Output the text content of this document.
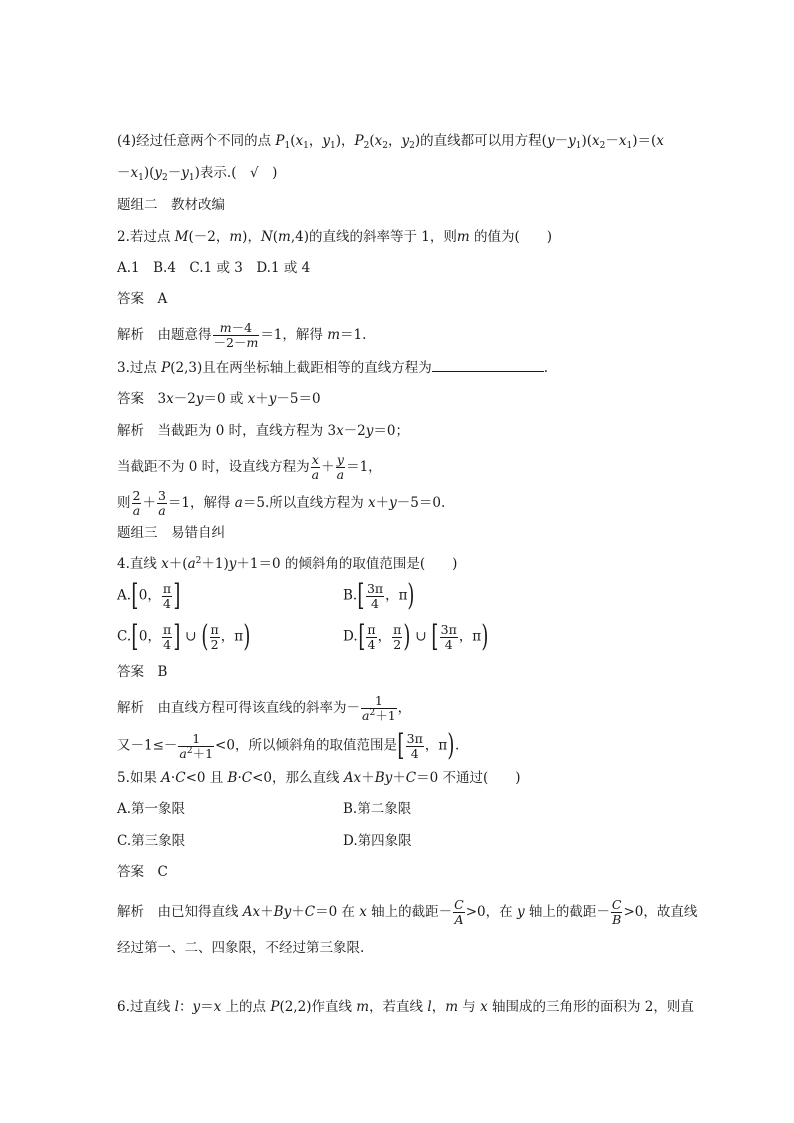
(4)经过任意两个不同的点 $P_1(x_1$，$y_1$)，$P_2(x_2$，$y_2$)的直线都可以用方程$(y-y_1)(x_2-x_1)=(x$
$-x_1)(y_2-y_1)$表示.(　√　)
题组二　教材改编
2.若过点 M(－2，m)，N(m,4)的直线的斜率等于 1，则m 的值为(　　)
A.1　B.4　C.1 或 3　D.1 或 4
答案　A
解析　由题意得 $\frac{m-4}{-2-m} =1$，解得 m＝1.
3.过点 P(2,3)且在两坐标轴上截距相等的直线方程为	.
答案　3x－2y＝0 或 x＋y－5＝0
解析　当截距为 0 时，直线方程为 3x－2y＝0；
当截距不为 0 时，设直线方程为 $\frac{x}{a} + \frac{y}{a} =1$，
则 $\frac{2}{a} + \frac{3}{a} =1$，解得 a＝5.所以直线方程为 x＋y－5＝0.
题组三　易错自纠
4.直线 $x+(a^2+1)y+1=0$ 的倾斜角的取值范围是(　　)
A.[0， $\frac{\pi}{4}$ ]	$B.[ \frac{3\pi}{4}$ ，π)
C.[0， $\frac{\pi}{4}$ ] ∪ ( $\frac{\pi}{2}$ ，π)	$D.[ \frac{\pi}{4}$ ， $\frac{\pi}{2}$ ) ∪ [ $\frac{3\pi}{4}$ ，π)
答案　B
解析　由直线方程可得该直线的斜率为－ $\frac{1}{a^2+1}$ ，
又$-1\le- \frac{1}{a^2+1} <0$，所以倾斜角的取值范围是[ $\frac{3\pi}{4}$ ，π).
5.如果 A·C<0 且 B·C<0，那么直线 Ax＋By＋C＝0 不通过(　　)
A.第一象限	B.第二象限
C.第三象限	D.第四象限
答案　C
解析　由已知得直线 Ax＋By＋C＝0 在 x 轴上的截距－ $\frac{C}{A} >0$，在 y 轴上的截距－ $\frac{C}{B} >0$，故直线
经过第一、二、四象限，不经过第三象限.
6.过直线 l：y＝x 上的点 P(2,2)作直线 m，若直线 l，m 与 x 轴围成的三角形的面积为 2，则直
